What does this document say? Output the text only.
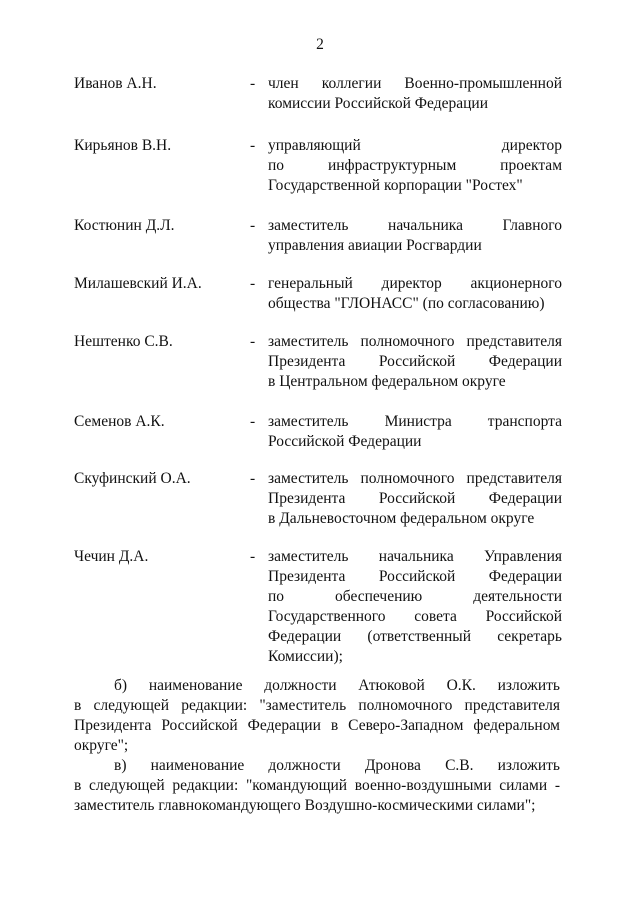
2
Иванов А.Н.	- член коллегии Военно-промышленной
комиссии Российской Федерации
Кирьянов В.Н.	- управляющий директор
по инфраструктурным проектам
Государственной корпорации "Ростех"
Костюнин Д.Л.	- заместитель начальника Главного
управления авиации Росгвардии
Милашевский И.А.	- генеральный директор акционерного
общества "ГЛОНАСС" (по согласованию)
Нештенко С.В.	- заместитель полномочного представителя
Президента Российской Федерации
в Центральном федеральном округе
Семенов А.К.	- заместитель Министра транспорта
Российской Федерации
Скуфинский О.А.	- заместитель полномочного представителя
Президента Российской Федерации
в Дальневосточном федеральном округе
Чечин Д.А.	- заместитель начальника Управления
Президента Российской Федерации
по обеспечению деятельности
Государственного совета Российской
Федерации (ответственный секретарь
Комиссии);
б) наименование должности Атюковой О.К. изложить
в следующей редакции: "заместитель полномочного представителя
Президента Российской Федерации в Северо-Западном федеральном
округе";
в) наименование должности Дронова С.В. изложить
в следующей редакции: "командующий военно-воздушными силами -
заместитель главнокомандующего Воздушно-космическими силами";
